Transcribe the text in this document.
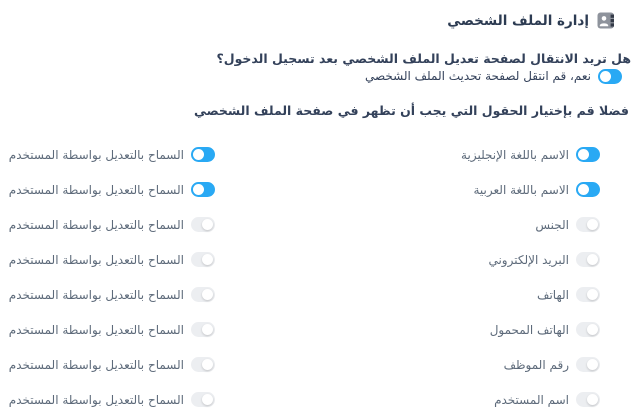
إدارة الملف الشخصي
هل تريد الانتقال لصفحة تعديل الملف الشخصي بعد تسجيل الدخول؟
نعم، قم انتقل لصفحة تحديث الملف الشخصي
فضلا قم بإختيار الحقول التي يجب أن تظهر في صفحة الملف الشخصي
الاسم باللغة الإنجليزية
السماح بالتعديل بواسطة المستخدم
الاسم باللغة العربية
السماح بالتعديل بواسطة المستخدم
الجنس
السماح بالتعديل بواسطة المستخدم
البريد الإلكتروني
السماح بالتعديل بواسطة المستخدم
الهاتف
السماح بالتعديل بواسطة المستخدم
الهاتف المحمول
السماح بالتعديل بواسطة المستخدم
رقم الموظف
السماح بالتعديل بواسطة المستخدم
اسم المستخدم
السماح بالتعديل بواسطة المستخدم
